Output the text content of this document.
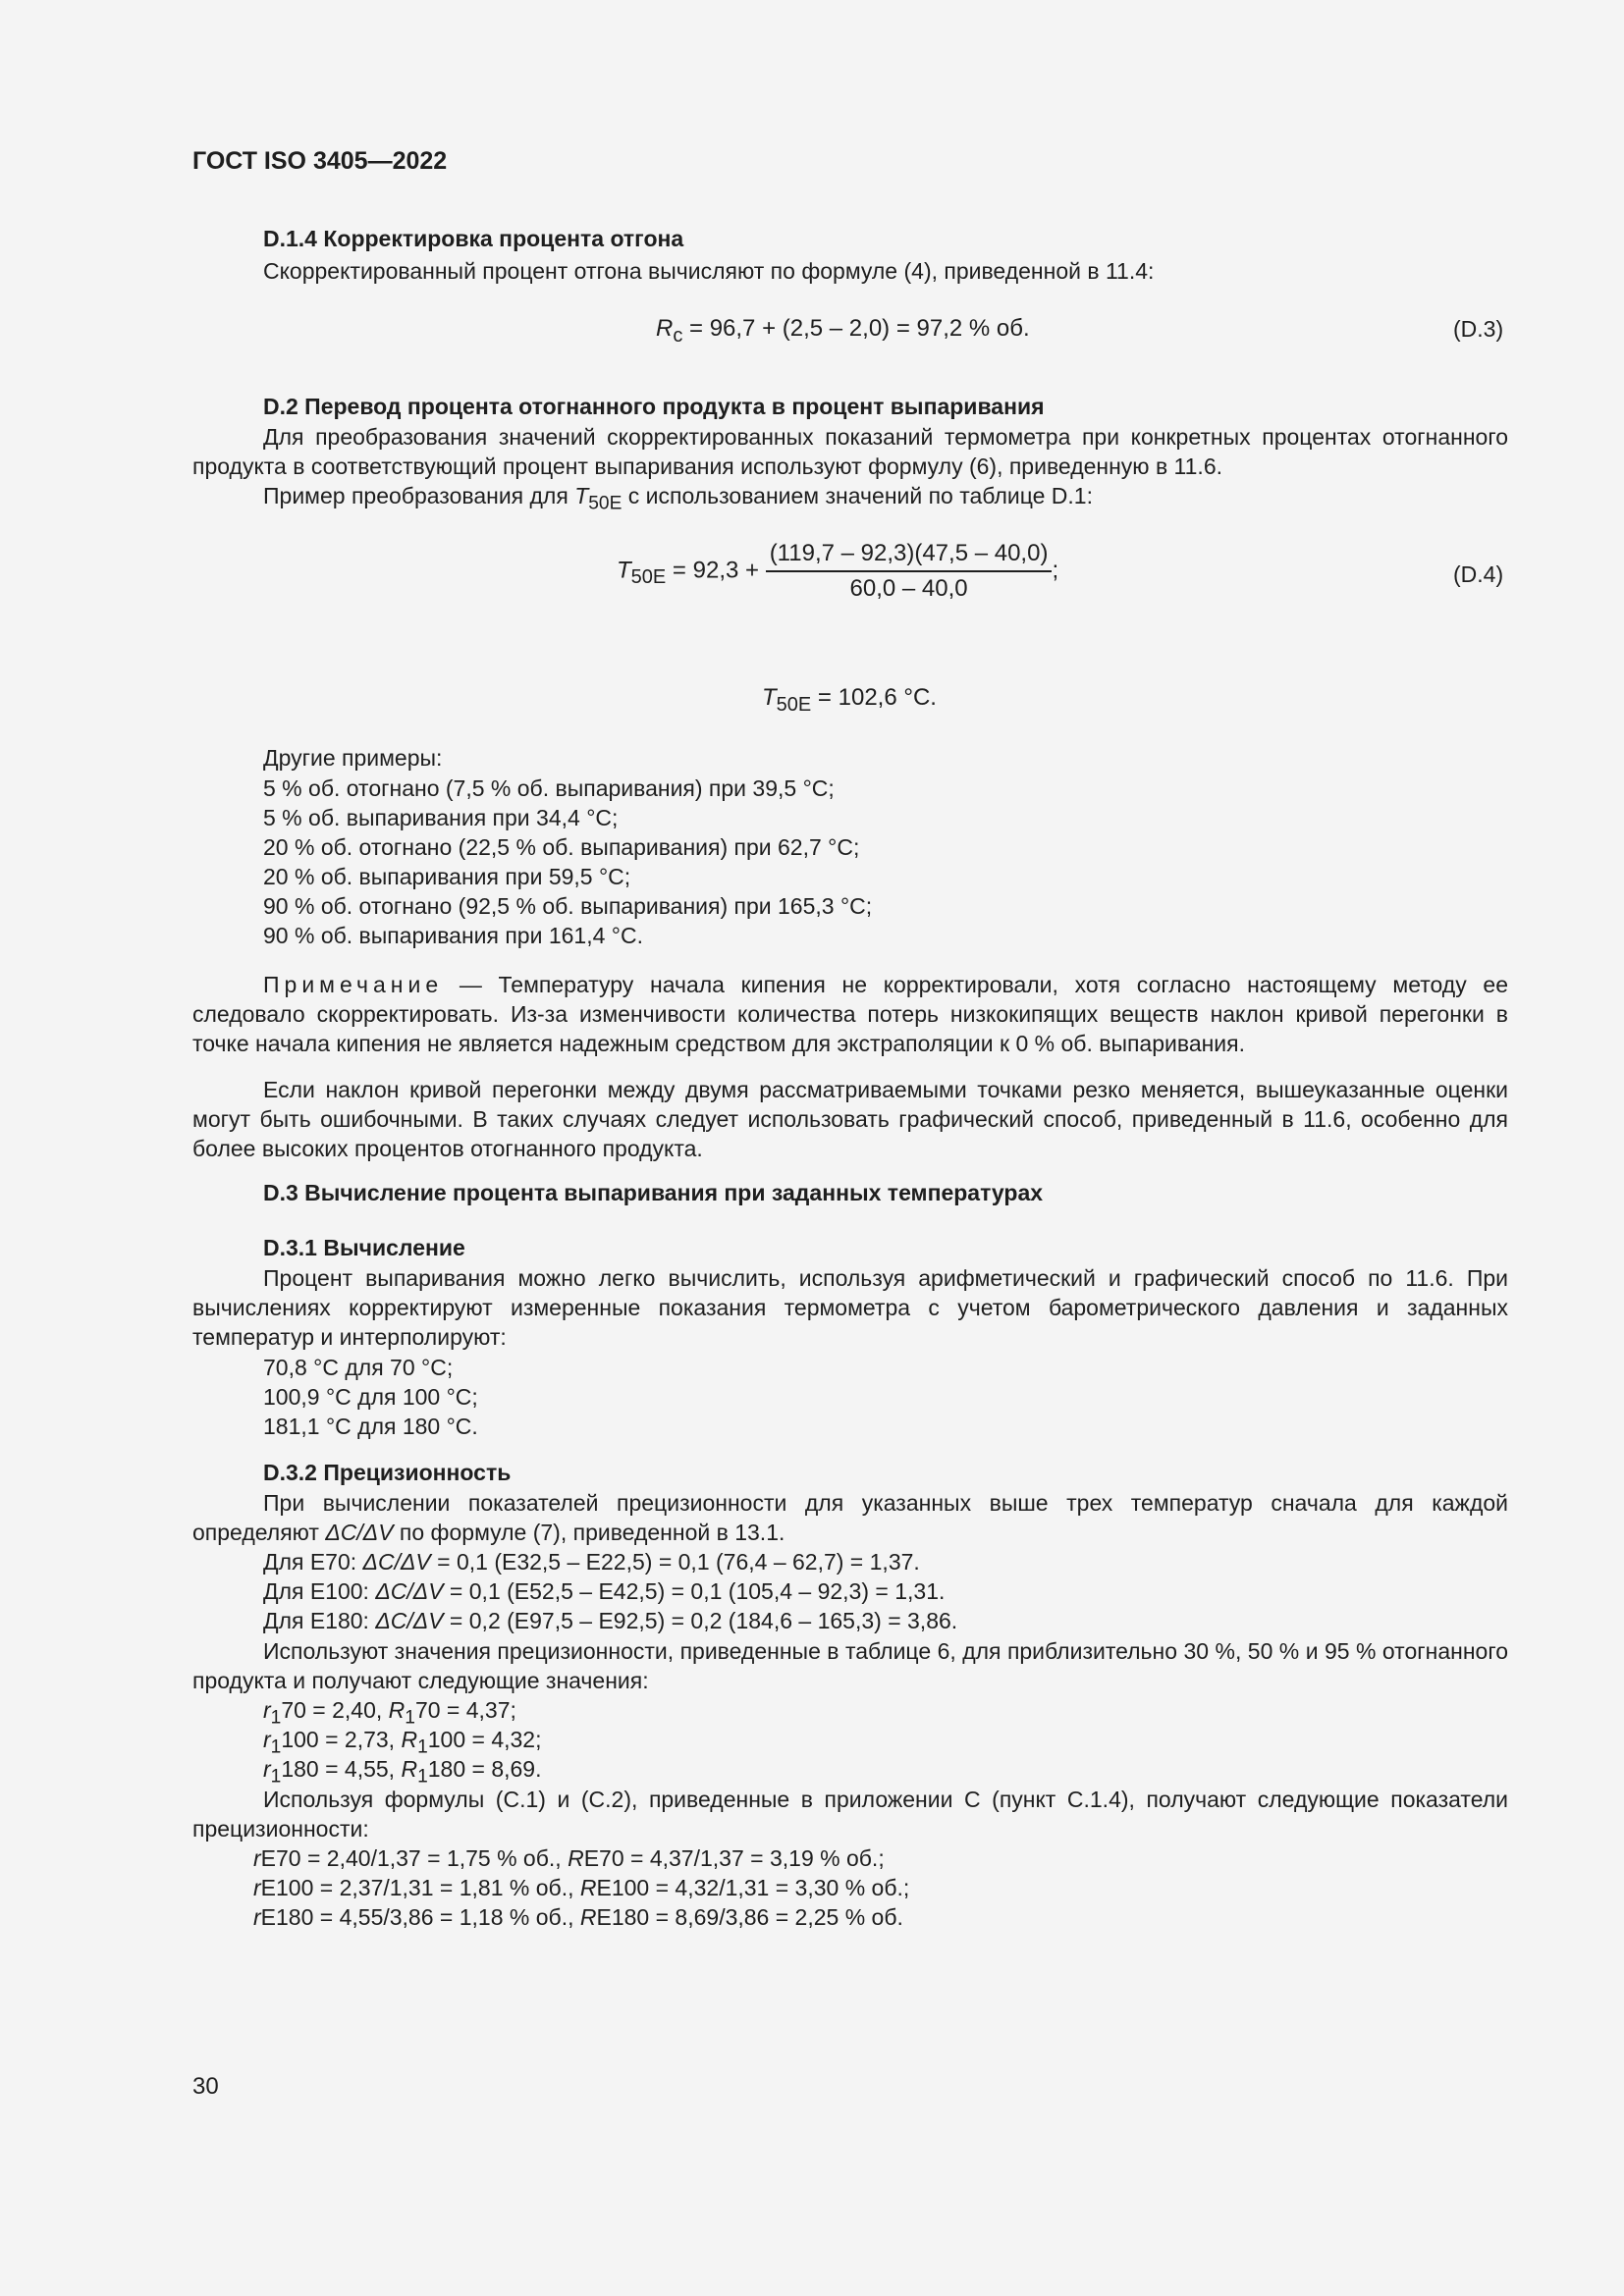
ГОСТ ISO 3405—2022
D.1.4 Корректировка процента отгона
Скорректированный процент отгона вычисляют по формуле (4), приведенной в 11.4:
$R_c = 96,7 + (2,5 - 2,0) = 97,2$ % об.	(D.3)
D.2 Перевод процента отогнанного продукта в процент выпаривания
Для преобразования значений скорректированных показаний термометра при конкретных процентах отогнанного продукта в соответствующий процент выпаривания используют формулу (6), приведенную в 11.6.
Пример преобразования для $T_{50E}$ с использованием значений по таблице D.1:
$T_{50E} = 92,3 + \frac{(119,7 - 92,3)(47,5 - 40,0)}{60,0 - 40,0}$ ;	(D.4)
$T_{50E} = 102,6$ °C.
Другие примеры:
5 % об. отогнано (7,5 % об. выпаривания) при 39,5 °C;
5 % об. выпаривания при 34,4 °C;
20 % об. отогнано (22,5 % об. выпаривания) при 62,7 °C;
20 % об. выпаривания при 59,5 °C;
90 % об. отогнано (92,5 % об. выпаривания) при 165,3 °C;
90 % об. выпаривания при 161,4 °C.
Примечание — Температуру начала кипения не корректировали, хотя согласно настоящему методу ее следовало скорректировать. Из-за изменчивости количества потерь низкокипящих веществ наклон кривой перегонки в точке начала кипения не является надежным средством для экстраполяции к 0 % об. выпаривания.
Если наклон кривой перегонки между двумя рассматриваемыми точками резко меняется, вышеуказанные оценки могут быть ошибочными. В таких случаях следует использовать графический способ, приведенный в 11.6, особенно для более высоких процентов отогнанного продукта.
D.3 Вычисление процента выпаривания при заданных температурах
D.3.1 Вычисление
Процент выпаривания можно легко вычислить, используя арифметический и графический способ по 11.6. При вычислениях корректируют измеренные показания термометра с учетом барометрического давления и заданных температур и интерполируют:
70,8 °C для 70 °C;
100,9 °C для 100 °C;
181,1 °C для 180 °C.
D.3.2 Прецизионность
При вычислении показателей прецизионности для указанных выше трех температур сначала для каждой определяют ΔC/ΔV по формуле (7), приведенной в 13.1.
Для E70: ΔC/ΔV = 0,1 (E32,5 – E22,5) = 0,1 (76,4 – 62,7) = 1,37.
Для E100: ΔC/ΔV = 0,1 (E52,5 – E42,5) = 0,1 (105,4 – 92,3) = 1,31.
Для E180: ΔC/ΔV = 0,2 (E97,5 – E92,5) = 0,2 (184,6 – 165,3) = 3,86.
Используют значения прецизионности, приведенные в таблице 6, для приблизительно 30 %, 50 % и 95 % отогнанного продукта и получают следующие значения:
$r_170 = 2,40$, $R_170 = 4,37$;
$r_1100 = 2,73$, $R_1100 = 4,32$;
$r_1180 = 4,55$, $R_1180 = 8,69$.
Используя формулы (C.1) и (C.2), приведенные в приложении C (пункт C.1.4), получают следующие показатели прецизионности:
rE70 = 2,40/1,37 = 1,75 % об., RE70 = 4,37/1,37 = 3,19 % об.;
rE100 = 2,37/1,31 = 1,81 % об., RE100 = 4,32/1,31 = 3,30 % об.;
rE180 = 4,55/3,86 = 1,18 % об., RE180 = 8,69/3,86 = 2,25 % об.
30
